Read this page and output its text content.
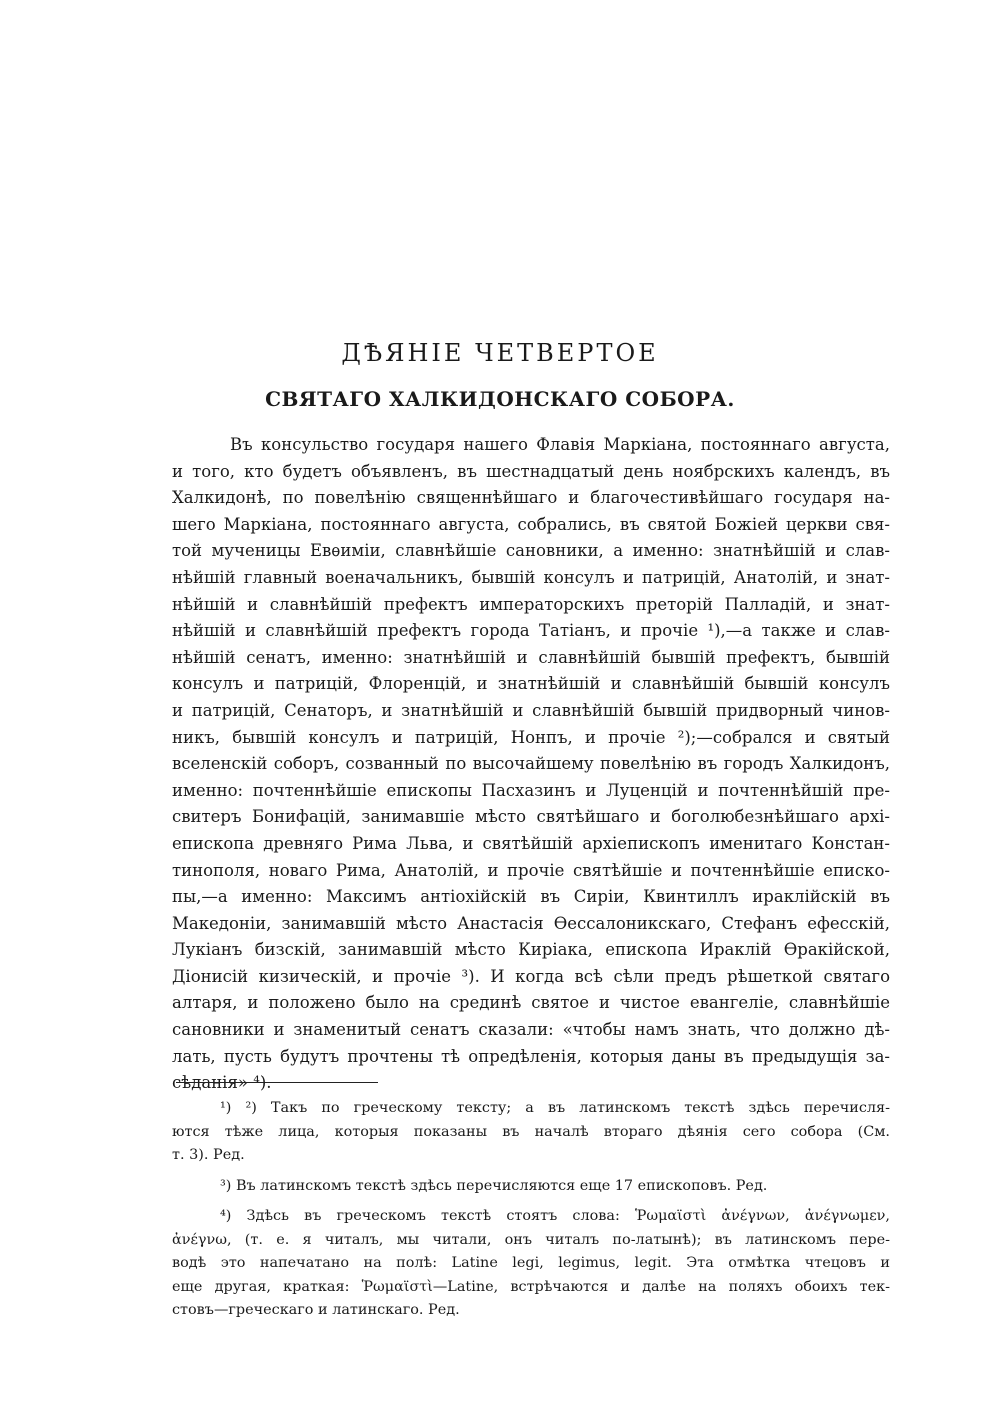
ДѢЯНІЕ ЧЕТВЕРТОЕ
СВЯТАГО ХАЛКИДОНСКАГО СОБОРА.
Въ консульство государя нашего Флавія Маркіана, постояннаго августа,
и того, кто будетъ объявленъ, въ шестнадцатый день ноябрскихъ календъ, въ
Халкидонѣ, по повелѣнію священнѣйшаго и благочестивѣйшаго государя на-
шего Маркіана, постояннаго августа, собрались, въ святой Божіей церкви свя-
той мученицы Евѳиміи, славнѣйшіе сановники, а именно: знатнѣйшій и слав-
нѣйшій главный военачальникъ, бывшій консулъ и патрицій, Анатолій, и знат-
нѣйшій и славнѣйшій префектъ императорскихъ преторій Палладій, и знат-
нѣйшій и славнѣйшій префектъ города Татіанъ, и прочіе ¹),—а также и слав-
нѣйшій сенатъ, именно: знатнѣйшій и славнѣйшій бывшій префектъ, бывшій
консулъ и патрицій, Флоренцій, и знатнѣйшій и славнѣйшій бывшій консулъ
и патрицій, Сенаторъ, и знатнѣйшій и славнѣйшій бывшій придворный чинов-
никъ, бывшій консулъ и патрицій, Нонпъ, и прочіе ²);—собрался и святый
вселенскій соборъ, созванный по высочайшему повелѣнію въ городъ Халкидонъ,
именно: почтеннѣйшіе епископы Пасхазинъ и Луценцій и почтеннѣйшій пре-
свитеръ Бонифацій, занимавшіе мѣсто святѣйшаго и боголюбезнѣйшаго архі-
епископа древняго Рима Льва, и святѣйшій архіепископъ именитаго Констан-
тинополя, новаго Рима, Анатолій, и прочіе святѣйшіе и почтеннѣйшіе еписко-
пы,—а именно: Максимъ антіохійскій въ Сиріи, Квинтиллъ ираклійскій въ
Македоніи, занимавшій мѣсто Анастасія Ѳессалоникскаго, Стефанъ ефесскій,
Лукіанъ бизскій, занимавшій мѣсто Киріака, епископа Ираклій Ѳракійской,
Діонисій кизическій, и прочіе ³). И когда всѣ сѣли предъ рѣшеткой святаго
алтаря, и положено было на срединѣ святое и чистое евангеліе, славнѣйшіе
сановники и знаменитый сенатъ сказали: «чтобы намъ знать, что должно дѣ-
лать, пусть будутъ прочтены тѣ опредѣленія, которыя даны въ предыдущія за-
сѣданія» ⁴).
¹) ²) Такъ по греческому тексту; а въ латинскомъ текстѣ здѣсь перечисля-
ются тѣже лица, которыя показаны въ началѣ втораго дѣянія сего собора (См.
т. 3). Ред.
³) Въ латинскомъ текстѣ здѣсь перечисляются еще 17 епископовъ. Ред.
⁴) Здѣсь въ греческомъ текстѣ стоятъ слова: Ῥωμαϊστὶ ἀνέγνων, ἀνέγνωμεν,
ἀνέγνω, (т. е. я читалъ, мы читали, онъ читалъ по-латынѣ); въ латинскомъ пере-
водѣ это напечатано на полѣ: Latine legi, legimus, legit. Эта отмѣтка чтецовъ и
еще другая, краткая: Ῥωμαϊστὶ—Latine, встрѣчаются и далѣе на поляхъ обоихъ тек-
стовъ—греческаго и латинскаго. Ред.
